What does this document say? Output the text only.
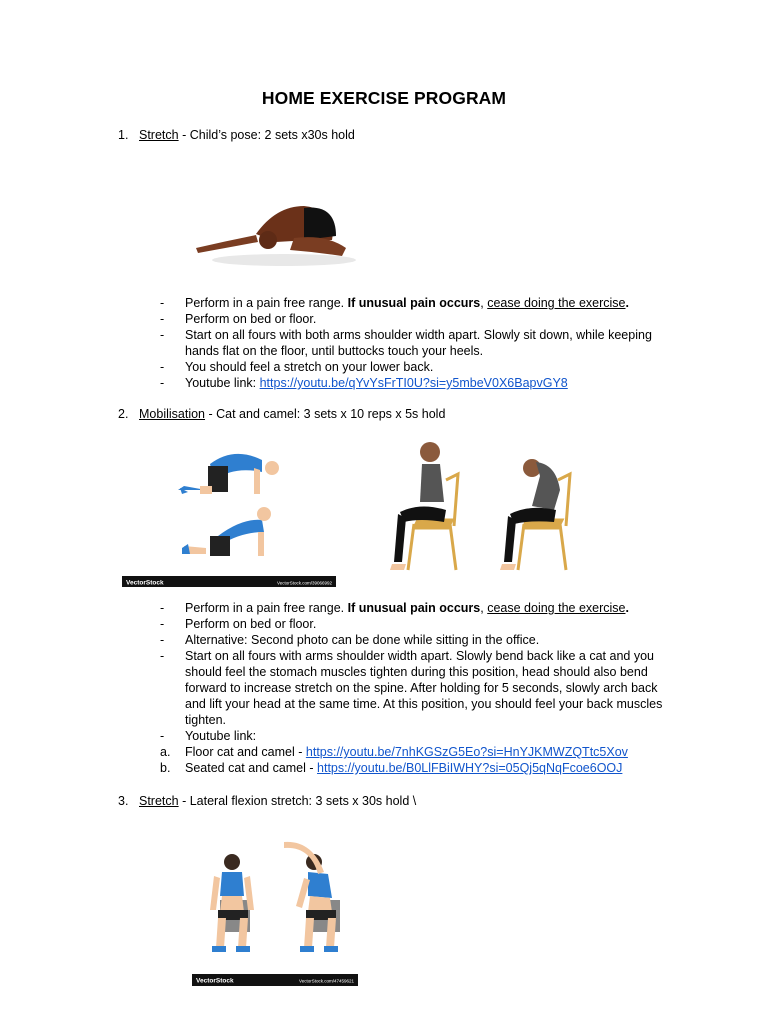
HOME EXERCISE PROGRAM
1. Stretch - Child’s pose: 2 sets x30s hold
- Perform in a pain free range. If unusual pain occurs, cease doing the exercise.
- Perform on bed or floor.
- Start on all fours with both arms shoulder width apart. Slowly sit down, while keeping hands flat on the floor, until buttocks touch your heels.
- You should feel a stretch on your lower back.
- Youtube link: https://youtu.be/qYvYsFrTI0U?si=y5mbeV0X6BapvGY8
2. Mobilisation - Cat and camel: 3 sets x 10 reps x 5s hold
VectorStock	VectorStock.com/39066992
- Perform in a pain free range. If unusual pain occurs, cease doing the exercise.
- Perform on bed or floor.
- Alternative: Second photo can be done while sitting in the office.
- Start on all fours with arms shoulder width apart. Slowly bend back like a cat and you should feel the stomach muscles tighten during this position, head should also bend forward to increase stretch on the spine. After holding for 5 seconds, slowly arch back and lift your head at the same time. At this position, you should feel your back muscles tighten.
- Youtube link:
a. Floor cat and camel - https://youtu.be/7nhKGSzG5Eo?si=HnYJKMWZQTtc5Xov
b. Seated cat and camel - https://youtu.be/B0LlFBiIWHY?si=05Qj5qNqFcoe6OOJ
3. Stretch - Lateral flexion stretch: 3 sets x 30s hold \
VectorStock	VectorStock.com/47459621
